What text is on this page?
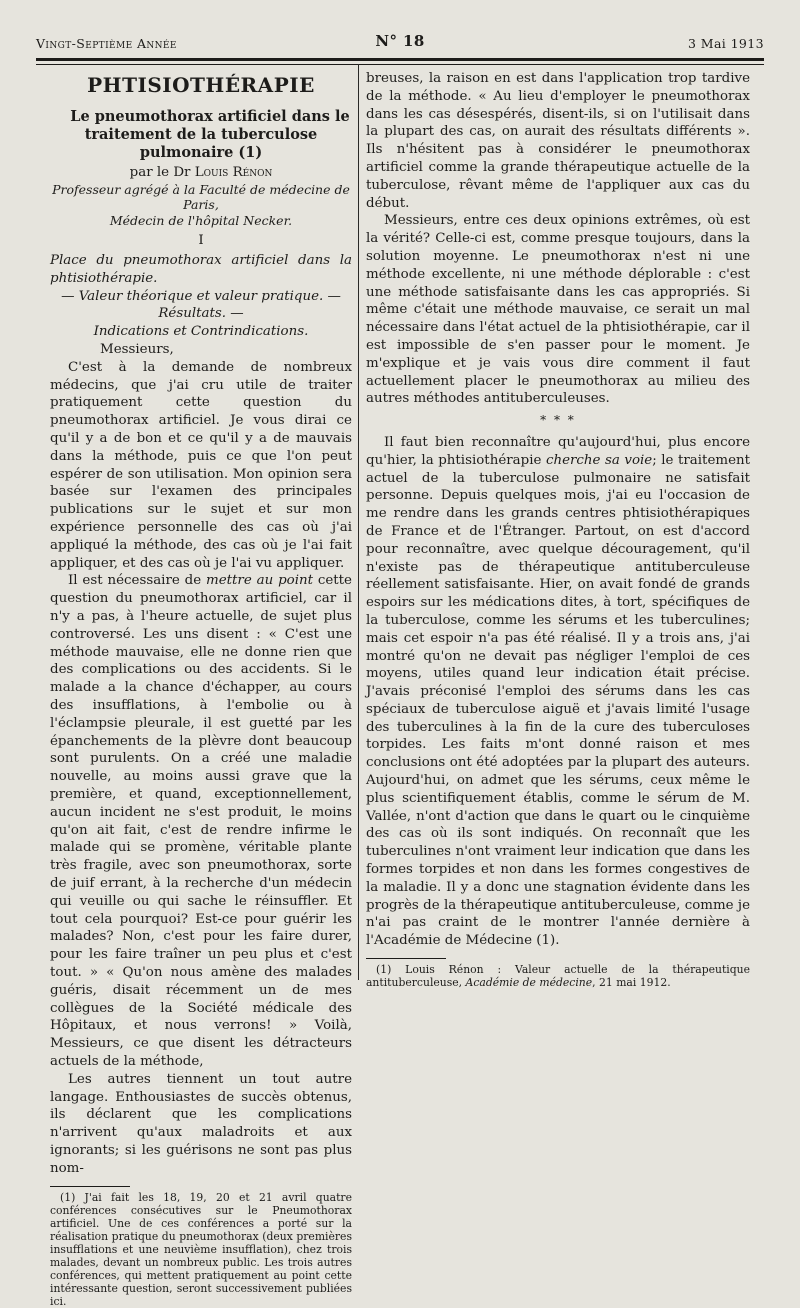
Vingt-Septième Année	N° 18	3 Mai 1913
PHTISIOTHÉRAPIE

Le pneumothorax artificiel dans le traitement de la tuberculose pulmonaire (1)

par le Dr Louis Rénon

Professeur agrégé à la Faculté de médecine de Paris,

Médecin de l'hôpital Necker.

I

Place du pneumothorax artificiel dans la phtisiothérapie.

— Valeur théorique et valeur pratique. — Résultats. —

Indications et Contrindications.

Messieurs,

C'est à la demande de nombreux médecins, que j'ai cru utile de traiter pratiquement cette question du pneumothorax artificiel. Je vous dirai ce qu'il y a de bon et ce qu'il y a de mauvais dans la méthode, puis ce que l'on peut espérer de son utilisation. Mon opinion sera basée sur l'examen des principales publications sur le sujet et sur mon expérience personnelle des cas où j'ai appliqué la méthode, des cas où je l'ai fait appliquer, et des cas où je l'ai vu appliquer.

Il est nécessaire de mettre au point cette question du pneumothorax artificiel, car il n'y a pas, à l'heure actuelle, de sujet plus controversé. Les uns disent : « C'est une méthode mauvaise, elle ne donne rien que des complications ou des accidents. Si le malade a la chance d'échapper, au cours des insufflations, à l'embolie ou à l'éclampsie pleurale, il est guetté par les épanchements de la plèvre dont beaucoup sont purulents. On a créé une maladie nouvelle, au moins aussi grave que la première, et quand, exceptionnellement, aucun incident ne s'est produit, le moins qu'on ait fait, c'est de rendre infirme le malade qui se promène, véritable plante très fragile, avec son pneumothorax, sorte de juif errant, à la recherche d'un médecin qui veuille ou qui sache le réinsuffler. Et tout cela pourquoi? Est-ce pour guérir les malades? Non, c'est pour les faire durer, pour les faire traîner un peu plus et c'est tout. » « Qu'on nous amène des malades guéris, disait récemment un de mes collègues de la Société médicale des Hôpitaux, et nous verrons! » Voilà, Messieurs, ce que disent les détracteurs actuels de la méthode,

Les autres tiennent un tout autre langage. Enthousiastes de succès obtenus, ils déclarent que les complications n'arrivent qu'aux maladroits et aux ignorants; si les guérisons ne sont pas plus nom-

(1) J'ai fait les 18, 19, 20 et 21 avril quatre conférences consécutives sur le Pneumothorax artificiel. Une de ces conférences a porté sur la réalisation pratique du pneumothorax (deux premières insufflations et une neuvième insufflation), chez trois malades, devant un nombreux public. Les trois autres conférences, qui mettent pratiquement au point cette intéressante question, seront successivement publiées ici.

breuses, la raison en est dans l'application trop tardive de la méthode. « Au lieu d'employer le pneumothorax dans les cas désespérés, disent-ils, si on l'utilisait dans la plupart des cas, on aurait des résultats différents ». Ils n'hésitent pas à considérer le pneumothorax artificiel comme la grande thérapeutique actuelle de la tuberculose, rêvant même de l'appliquer aux cas du début.

Messieurs, entre ces deux opinions extrêmes, où est la vérité? Celle-ci est, comme presque toujours, dans la solution moyenne. Le pneumothorax n'est ni une méthode excellente, ni une méthode déplorable : c'est une méthode satisfaisante dans les cas appropriés. Si même c'était une méthode mauvaise, ce serait un mal nécessaire dans l'état actuel de la phtisiothérapie, car il est impossible de s'en passer pour le moment. Je m'explique et je vais vous dire comment il faut actuellement placer le pneumothorax au milieu des autres méthodes antituberculeuses.

* * *

Il faut bien reconnaître qu'aujourd'hui, plus encore qu'hier, la phtisiothérapie cherche sa voie; le traitement actuel de la tuberculose pulmonaire ne satisfait personne. Depuis quelques mois, j'ai eu l'occasion de me rendre dans les grands centres phtisiothérapiques de France et de l'Étranger. Partout, on est d'accord pour reconnaître, avec quelque découragement, qu'il n'existe pas de thérapeutique antituberculeuse réellement satisfaisante. Hier, on avait fondé de grands espoirs sur les médications dites, à tort, spécifiques de la tuberculose, comme les sérums et les tuberculines; mais cet espoir n'a pas été réalisé. Il y a trois ans, j'ai montré qu'on ne devait pas négliger l'emploi de ces moyens, utiles quand leur indication était précise. J'avais préconisé l'emploi des sérums dans les cas spéciaux de tuberculose aiguë et j'avais limité l'usage des tuberculines à la fin de la cure des tuberculoses torpides. Les faits m'ont donné raison et mes conclusions ont été adoptées par la plupart des auteurs. Aujourd'hui, on admet que les sérums, ceux même le plus scientifiquement établis, comme le sérum de M. Vallée, n'ont d'action que dans le quart ou le cinquième des cas où ils sont indiqués. On reconnaît que les tuberculines n'ont vraiment leur indication que dans les formes torpides et non dans les formes congestives de la maladie. Il y a donc une stagnation évidente dans les progrès de la thérapeutique antituberculeuse, comme je n'ai pas craint de le montrer l'année dernière à l'Académie de Médecine (1).

(1) Louis Rénon : Valeur actuelle de la thérapeutique antituberculeuse, Académie de médecine, 21 mai 1912.
